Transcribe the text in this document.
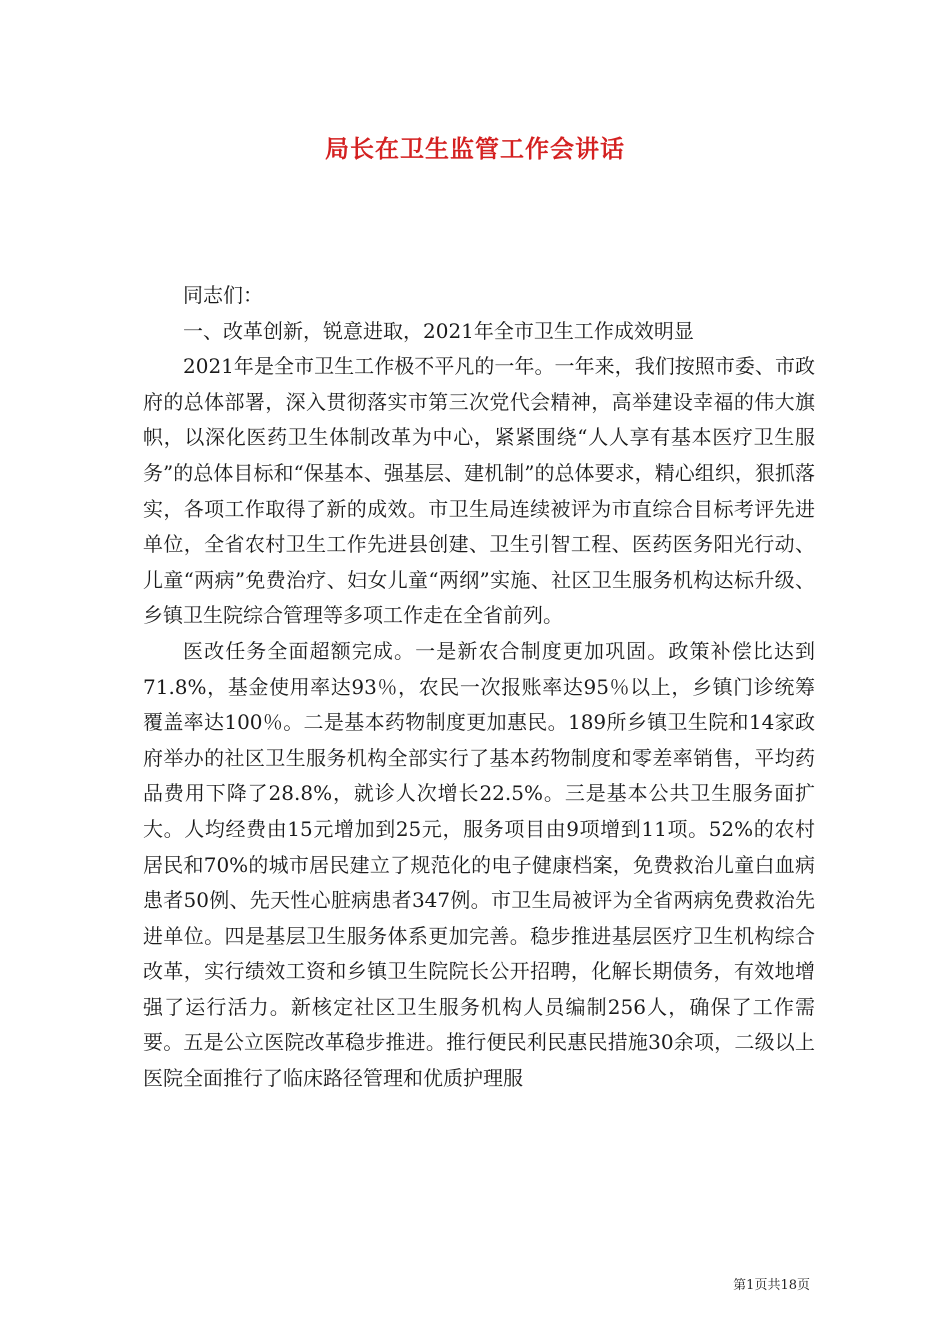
局长在卫生监管工作会讲话

同志们：

一、改革创新，锐意进取，2021年全市卫生工作成效明显

2021年是全市卫生工作极不平凡的一年。一年来，我们按照市委、市政府的总体部署，深入贯彻落实市第三次党代会精神，高举建设幸福的伟大旗帜，以深化医药卫生体制改革为中心，紧紧围绕“人人享有基本医疗卫生服务”的总体目标和“保基本、强基层、建机制”的总体要求，精心组织，狠抓落实，各项工作取得了新的成效。市卫生局连续被评为市直综合目标考评先进单位，全省农村卫生工作先进县创建、卫生引智工程、医药医务阳光行动、儿童“两病”免费治疗、妇女儿童“两纲”实施、社区卫生服务机构达标升级、乡镇卫生院综合管理等多项工作走在全省前列。

医改任务全面超额完成。一是新农合制度更加巩固。政策补偿比达到71.8%，基金使用率达93％，农民一次报账率达95％以上，乡镇门诊统筹覆盖率达100％。二是基本药物制度更加惠民。189所乡镇卫生院和14家政府举办的社区卫生服务机构全部实行了基本药物制度和零差率销售，平均药品费用下降了28.8%，就诊人次增长22.5%。三是基本公共卫生服务面扩大。人均经费由15元增加到25元，服务项目由9项增到11项。52%的农村居民和70%的城市居民建立了规范化的电子健康档案，免费救治儿童白血病患者50例、先天性心脏病患者347例。市卫生局被评为全省两病免费救治先进单位。四是基层卫生服务体系更加完善。稳步推进基层医疗卫生机构综合改革，实行绩效工资和乡镇卫生院院长公开招聘，化解长期债务，有效地增强了运行活力。新核定社区卫生服务机构人员编制256人，确保了工作需要。五是公立医院改革稳步推进。推行便民利民惠民措施30余项，二级以上医院全面推行了临床路径管理和优质护理服

第1页共18页
